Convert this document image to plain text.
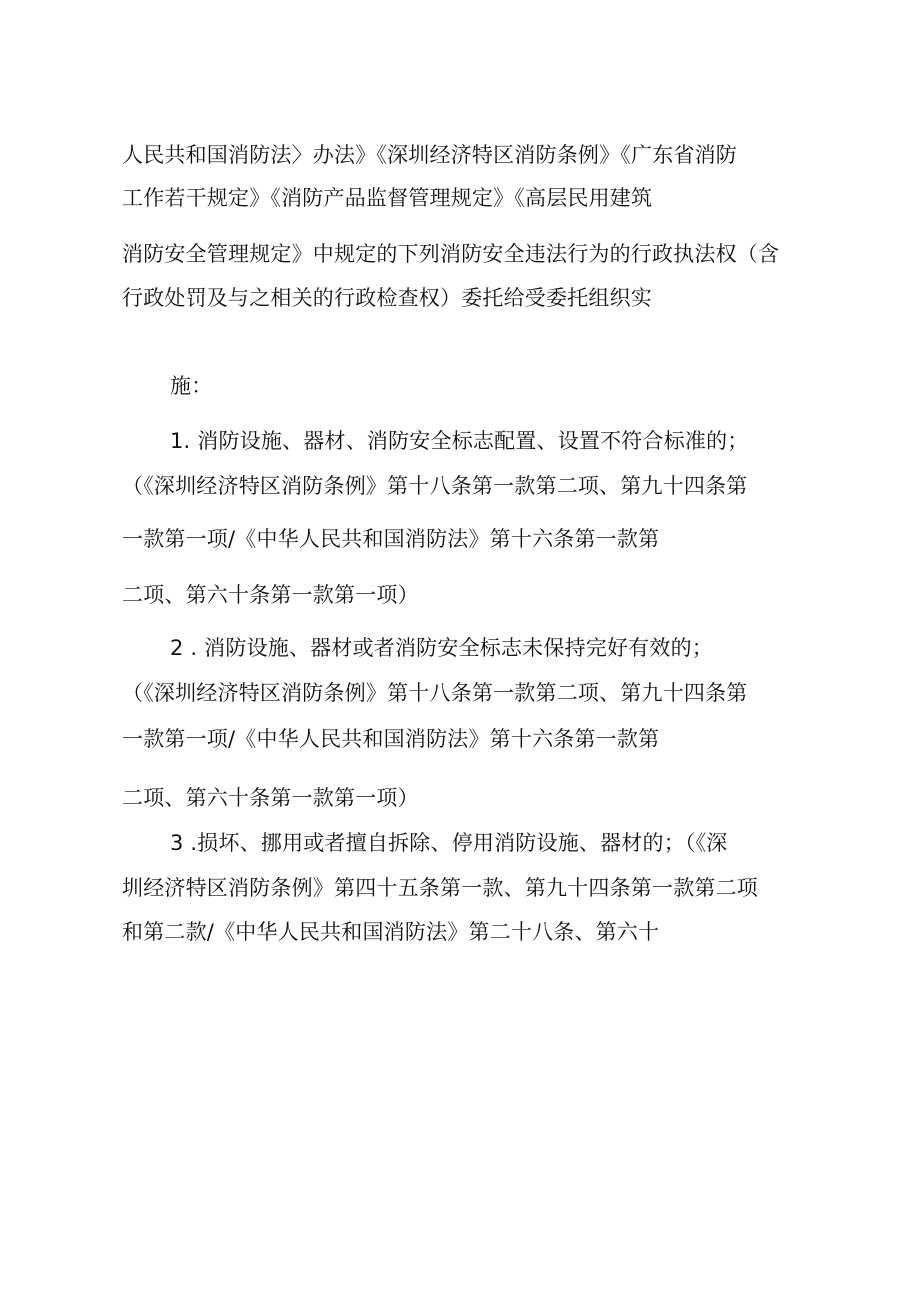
人民共和国消防法〉办法》《深圳经济特区消防条例》《广东省消防
工作若干规定》《消防产品监督管理规定》《高层民用建筑
消防安全管理规定》中规定的下列消防安全违法行为的行政执法权（含
行政处罚及与之相关的行政检查权）委托给受委托组织实
施：
1. 消防设施、器材、消防安全标志配置、设置不符合标准的；
（《深圳经济特区消防条例》第十八条第一款第二项、第九十四条第
一款第一项/《中华人民共和国消防法》第十六条第一款第
二项、第六十条第一款第一项）
2 . 消防设施、器材或者消防安全标志未保持完好有效的；
（《深圳经济特区消防条例》第十八条第一款第二项、第九十四条第
一款第一项/《中华人民共和国消防法》第十六条第一款第
二项、第六十条第一款第一项）
3 .损坏、挪用或者擅自拆除、停用消防设施、器材的；（《深
圳经济特区消防条例》第四十五条第一款、第九十四条第一款第二项
和第二款/《中华人民共和国消防法》第二十八条、第六十
